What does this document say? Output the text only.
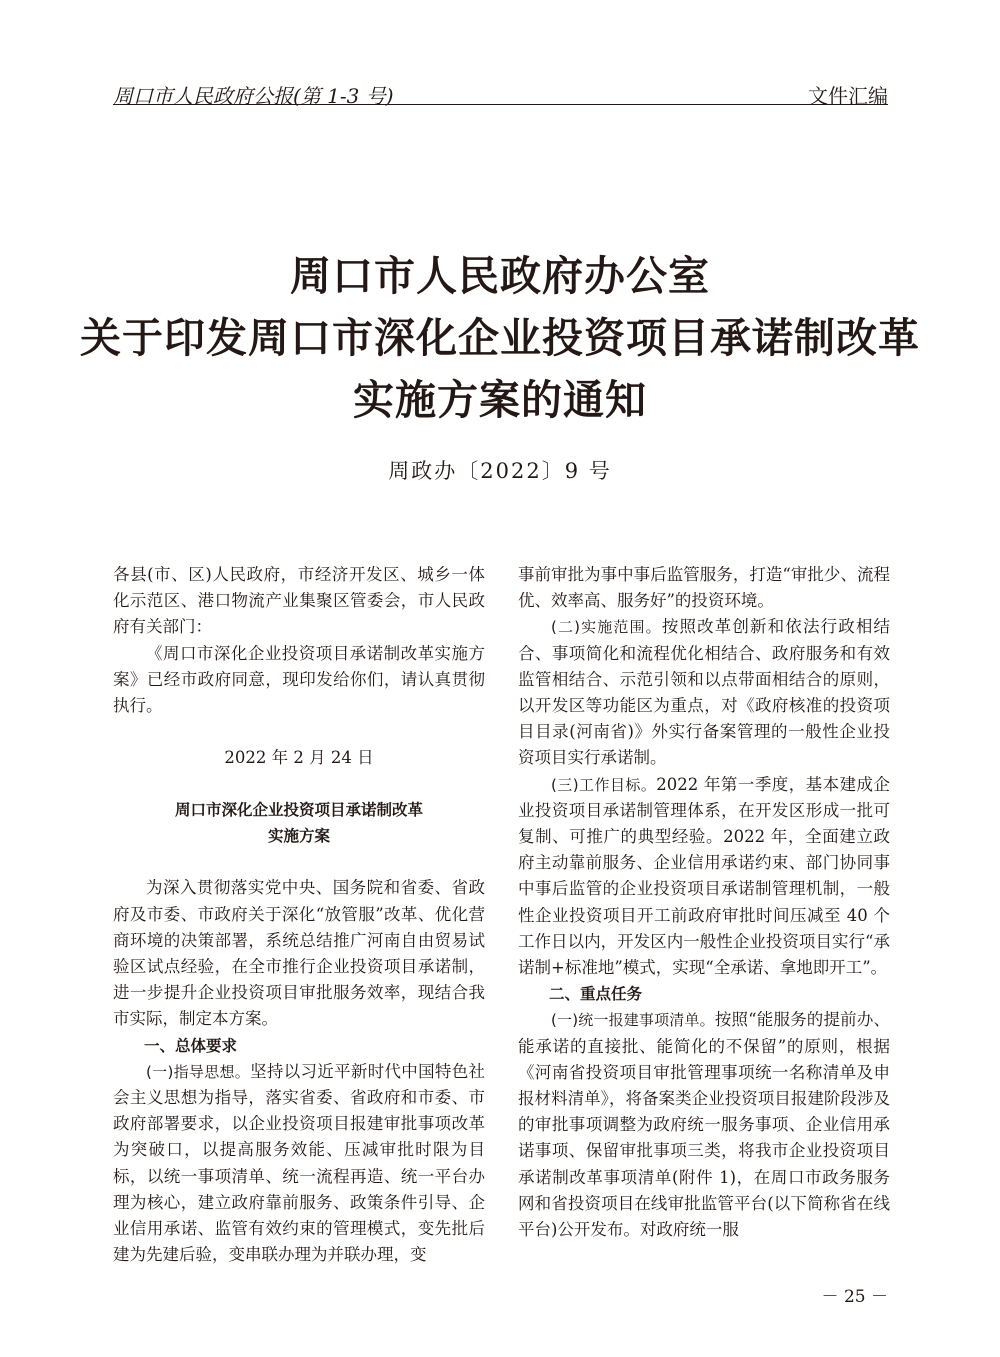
周口市人民政府公报(第 1-3 号)	文件汇编
周口市人民政府办公室
关于印发周口市深化企业投资项目承诺制改革
实施方案的通知
周政办〔2022〕9 号

各县(市、区)人民政府，市经济开发区、城乡一体化示范区、港口物流产业集聚区管委会，市人民政府有关部门：

《周口市深化企业投资项目承诺制改革实施方案》已经市政府同意，现印发给你们，请认真贯彻执行。

2022 年 2 月 24 日

周口市深化企业投资项目承诺制改革

实施方案

为深入贯彻落实党中央、国务院和省委、省政府及市委、市政府关于深化“放管服”改革、优化营商环境的决策部署，系统总结推广河南自由贸易试验区试点经验，在全市推行企业投资项目承诺制，进一步提升企业投资项目审批服务效率，现结合我市实际，制定本方案。

一、总体要求

(一)指导思想。坚持以习近平新时代中国特色社会主义思想为指导，落实省委、省政府和市委、市政府部署要求，以企业投资项目报建审批事项改革为突破口，以提高服务效能、压减审批时限为目标，以统一事项清单、统一流程再造、统一平台办理为核心，建立政府靠前服务、政策条件引导、企业信用承诺、监管有效约束的管理模式，变先批后建为先建后验，变串联办理为并联办理，变

事前审批为事中事后监管服务，打造“审批少、流程优、效率高、服务好”的投资环境。

(二)实施范围。按照改革创新和依法行政相结合、事项简化和流程优化相结合、政府服务和有效监管相结合、示范引领和以点带面相结合的原则，以开发区等功能区为重点，对《政府核准的投资项目目录(河南省)》外实行备案管理的一般性企业投资项目实行承诺制。

(三)工作目标。2022 年第一季度，基本建成企业投资项目承诺制管理体系，在开发区形成一批可复制、可推广的典型经验。2022 年，全面建立政府主动靠前服务、企业信用承诺约束、部门协同事中事后监管的企业投资项目承诺制管理机制，一般性企业投资项目开工前政府审批时间压减至 40 个工作日以内，开发区内一般性企业投资项目实行“承诺制+标准地”模式，实现“全承诺、拿地即开工”。

二、重点任务

(一)统一报建事项清单。按照“能服务的提前办、能承诺的直接批、能简化的不保留”的原则，根据《河南省投资项目审批管理事项统一名称清单及申报材料清单》，将备案类企业投资项目报建阶段涉及的审批事项调整为政府统一服务事项、企业信用承诺事项、保留审批事项三类，将我市企业投资项目承诺制改革事项清单(附件 1)，在周口市政务服务网和省投资项目在线审批监管平台(以下简称省在线平台)公开发布。对政府统一服

－ 25 －
